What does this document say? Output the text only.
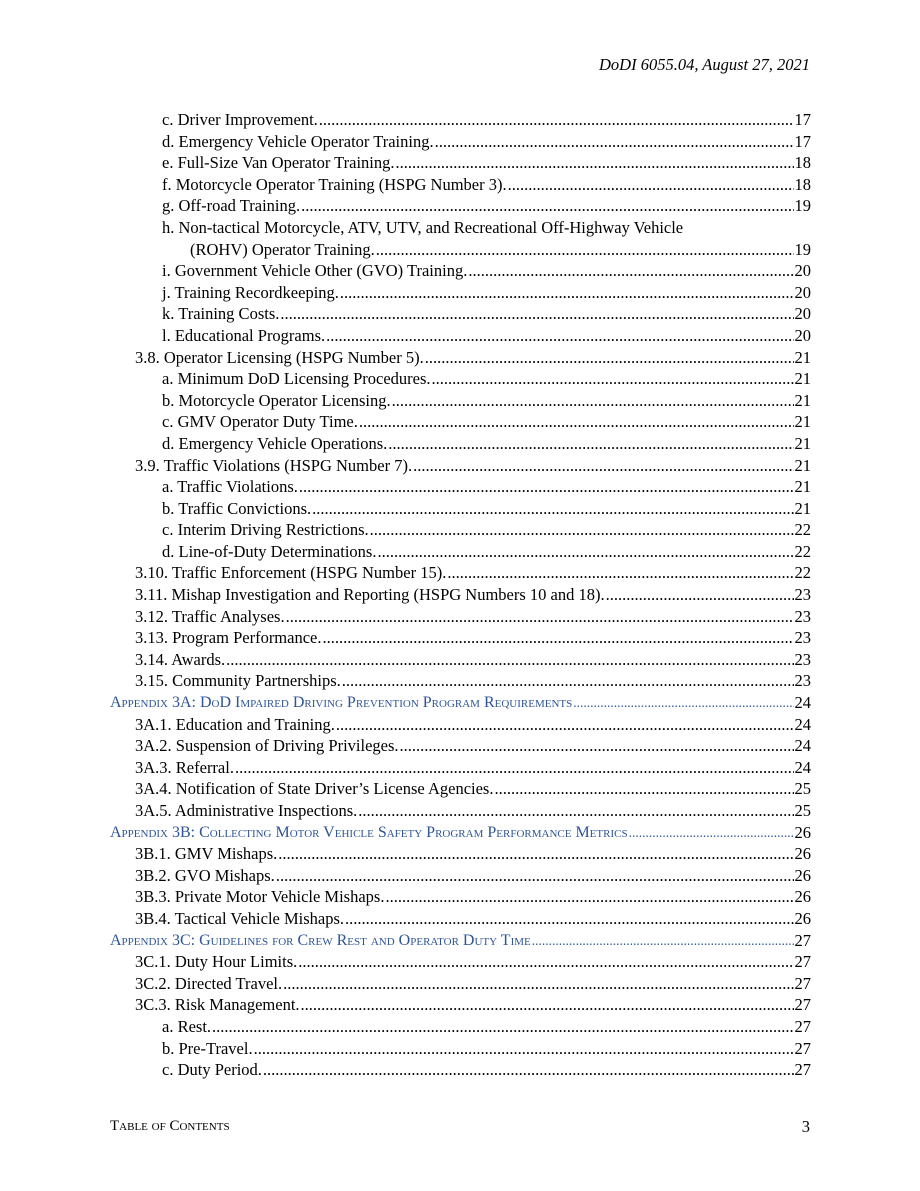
DoDI 6055.04, August 27, 2021
c. Driver Improvement. .....	17
d. Emergency Vehicle Operator Training. .....	17
e. Full-Size Van Operator Training. .....	18
f. Motorcycle Operator Training (HSPG Number 3). .....	18
g. Off-road Training. .....	19
h. Non-tactical Motorcycle, ATV, UTV, and Recreational Off-Highway Vehicle
(ROHV) Operator Training. .....	19
i. Government Vehicle Other (GVO) Training. .....	20
j. Training Recordkeeping. .....	20
k. Training Costs. .....	20
l. Educational Programs. .....	20
3.8. Operator Licensing (HSPG Number 5). .....	21
a. Minimum DoD Licensing Procedures. .....	21
b. Motorcycle Operator Licensing. .....	21
c. GMV Operator Duty Time. .....	21
d. Emergency Vehicle Operations. .....	21
3.9. Traffic Violations (HSPG Number 7). .....	21
a. Traffic Violations. .....	21
b. Traffic Convictions. .....	21
c. Interim Driving Restrictions. .....	22
d. Line-of-Duty Determinations. .....	22
3.10. Traffic Enforcement (HSPG Number 15). .....	22
3.11. Mishap Investigation and Reporting (HSPG Numbers 10 and 18). .....	23
3.12. Traffic Analyses. .....	23
3.13. Program Performance. .....	23
3.14. Awards. .....	23
3.15. Community Partnerships. .....	23
Appendix 3A: DoD Impaired Driving Prevention Program Requirements .....	24
3A.1. Education and Training. .....	24
3A.2. Suspension of Driving Privileges. .....	24
3A.3. Referral. .....	24
3A.4. Notification of State Driver’s License Agencies. .....	25
3A.5. Administrative Inspections. .....	25
Appendix 3B: Collecting Motor Vehicle Safety Program Performance Metrics .....	26
3B.1. GMV Mishaps. .....	26
3B.2. GVO Mishaps. .....	26
3B.3. Private Motor Vehicle Mishaps. .....	26
3B.4. Tactical Vehicle Mishaps. .....	26
Appendix 3C: Guidelines for Crew Rest and Operator Duty Time .....	27
3C.1. Duty Hour Limits. .....	27
3C.2. Directed Travel. .....	27
3C.3. Risk Management. .....	27
a. Rest. .....	27
b. Pre-Travel. .....	27
c. Duty Period. .....	27
Table of Contents	3
